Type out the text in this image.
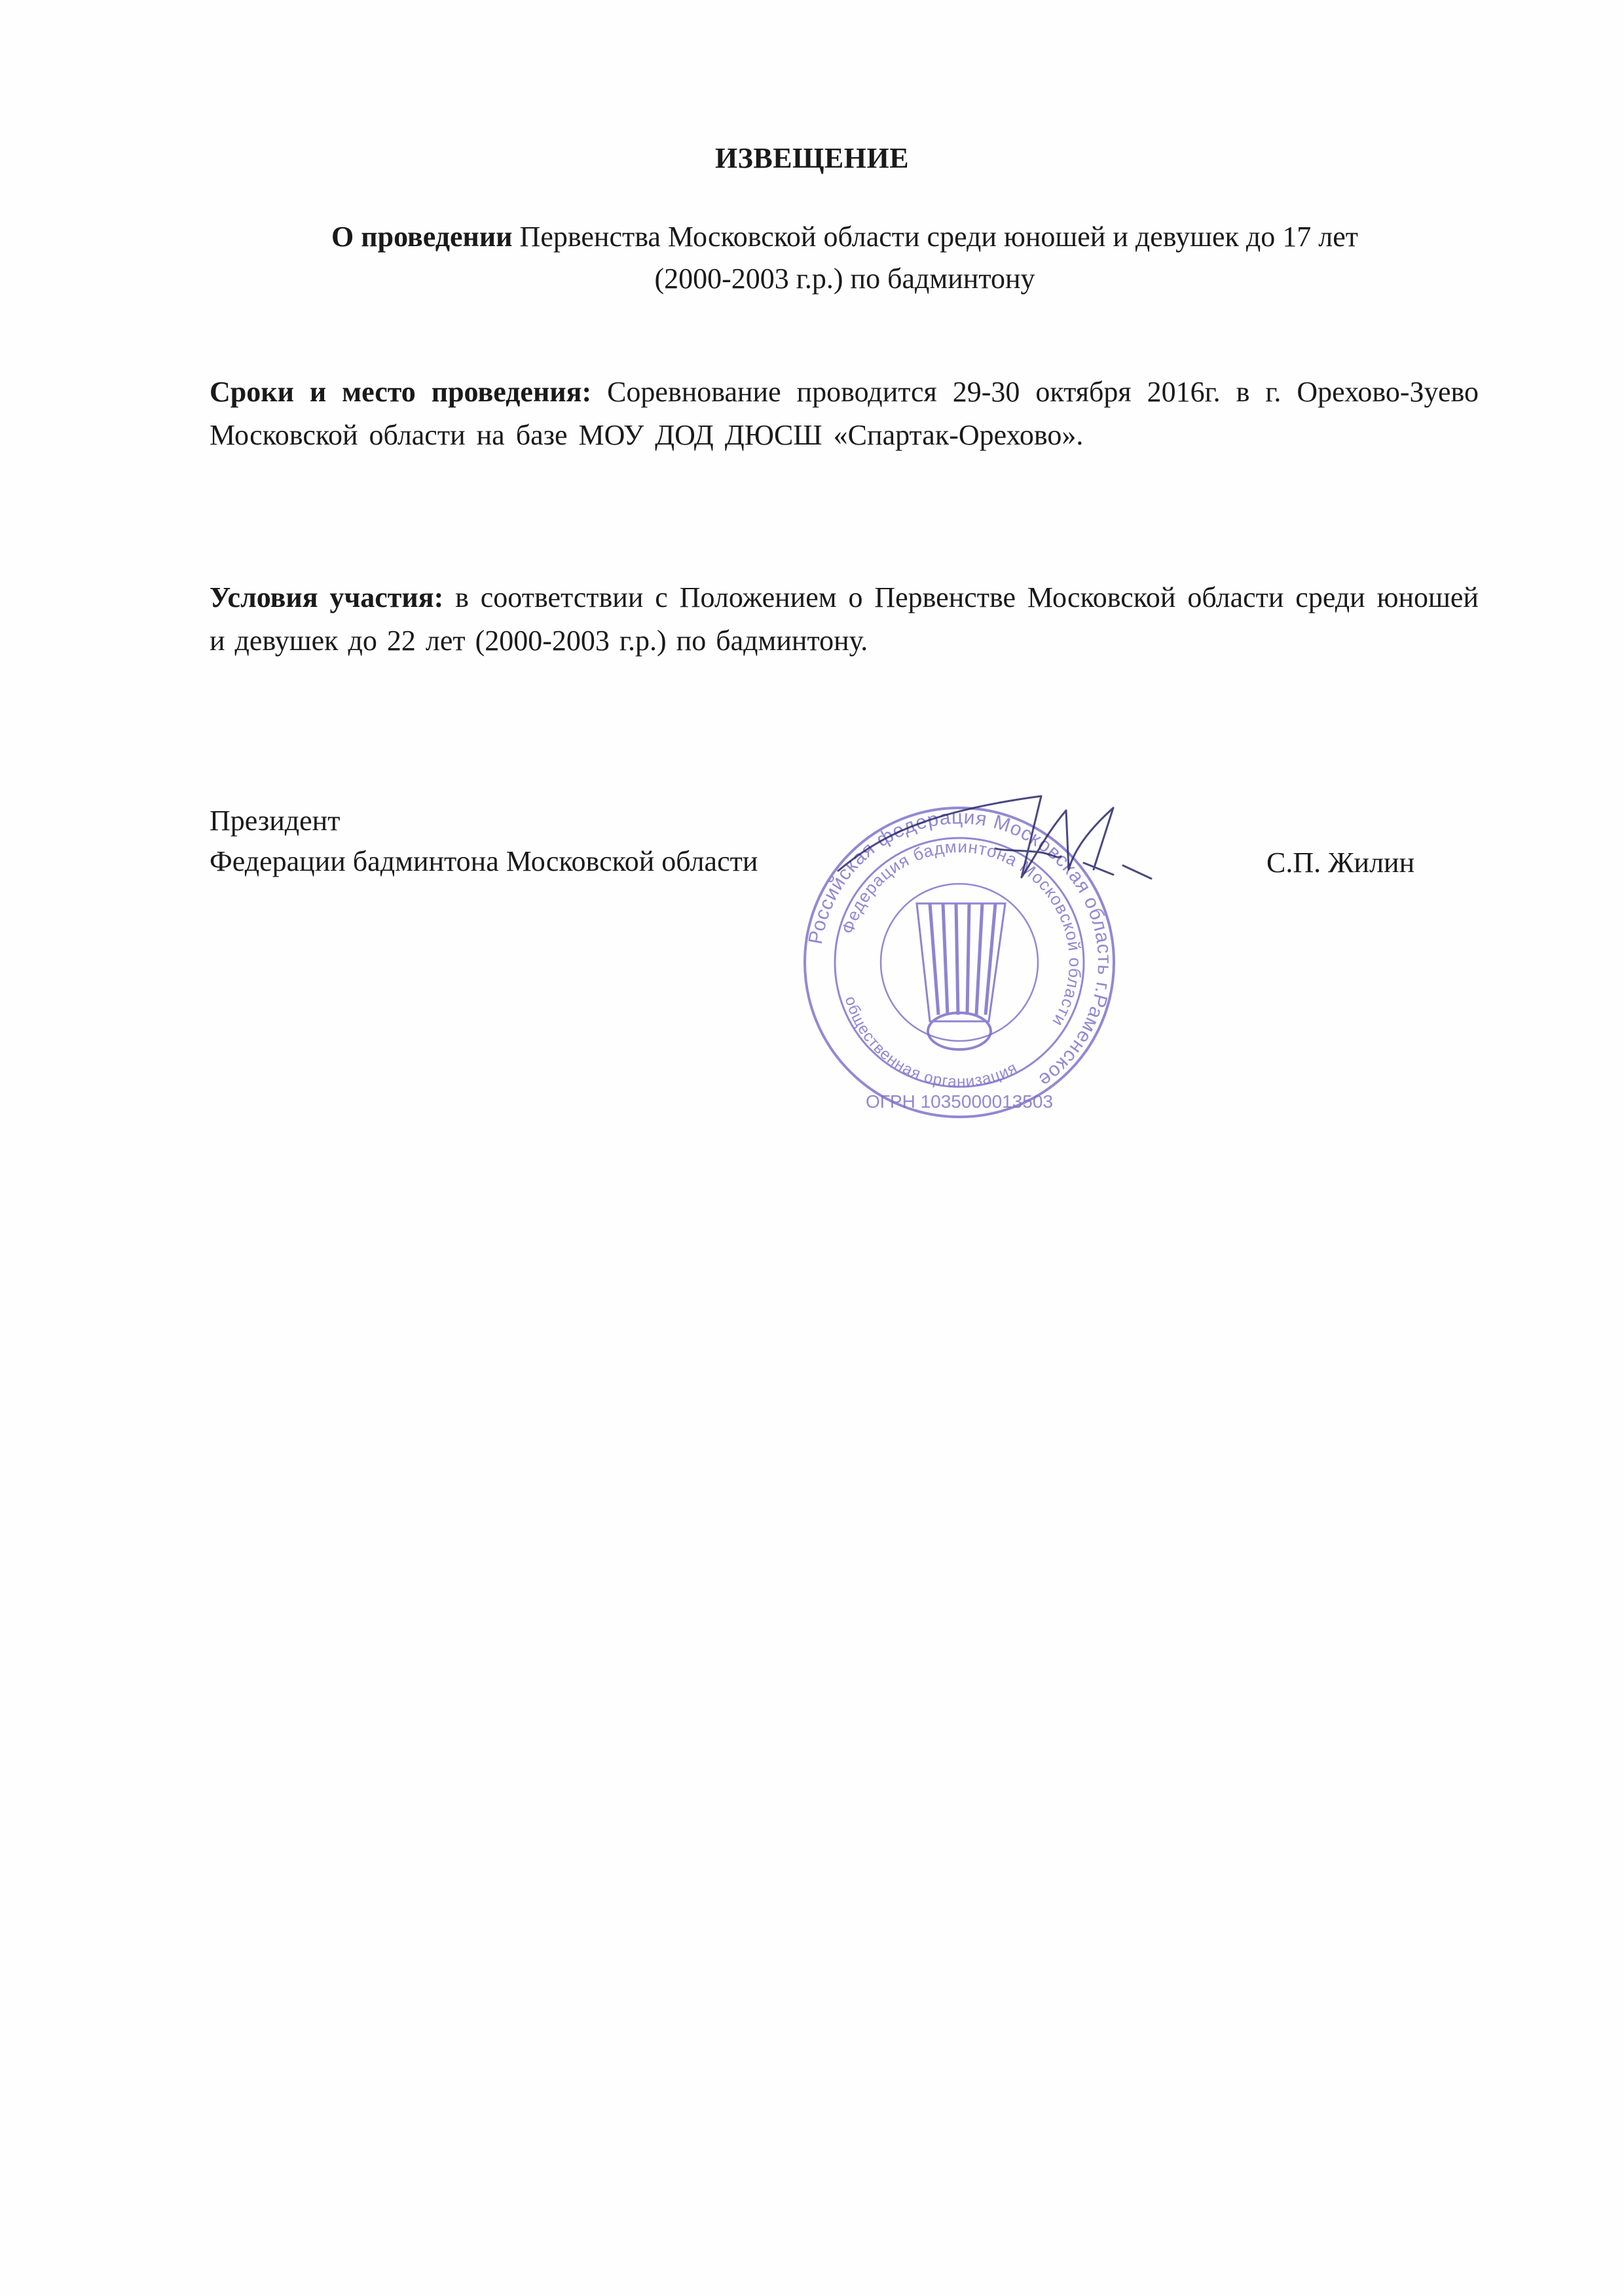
ИЗВЕЩЕНИЕ
О проведении Первенства Московской области среди юношей и девушек до 17 лет
(2000-2003 г.р.) по бадминтону
Сроки и место проведения: Соревнование проводится 29-30 октября 2016г. в г. Орехово-Зуево Московской области на базе МОУ ДОД ДЮСШ «Спартак-Орехово».
Условия участия: в соответствии с Положением о Первенстве Московской области среди юношей и девушек до 22 лет (2000-2003 г.р.) по бадминтону.
Президент
Федерации бадминтона Московской области	С.П. Жилин
Российская федерация Московская область г.Раменское
Федерация бадминтона Московской области
общественная организация
ОГРН 1035000013503
